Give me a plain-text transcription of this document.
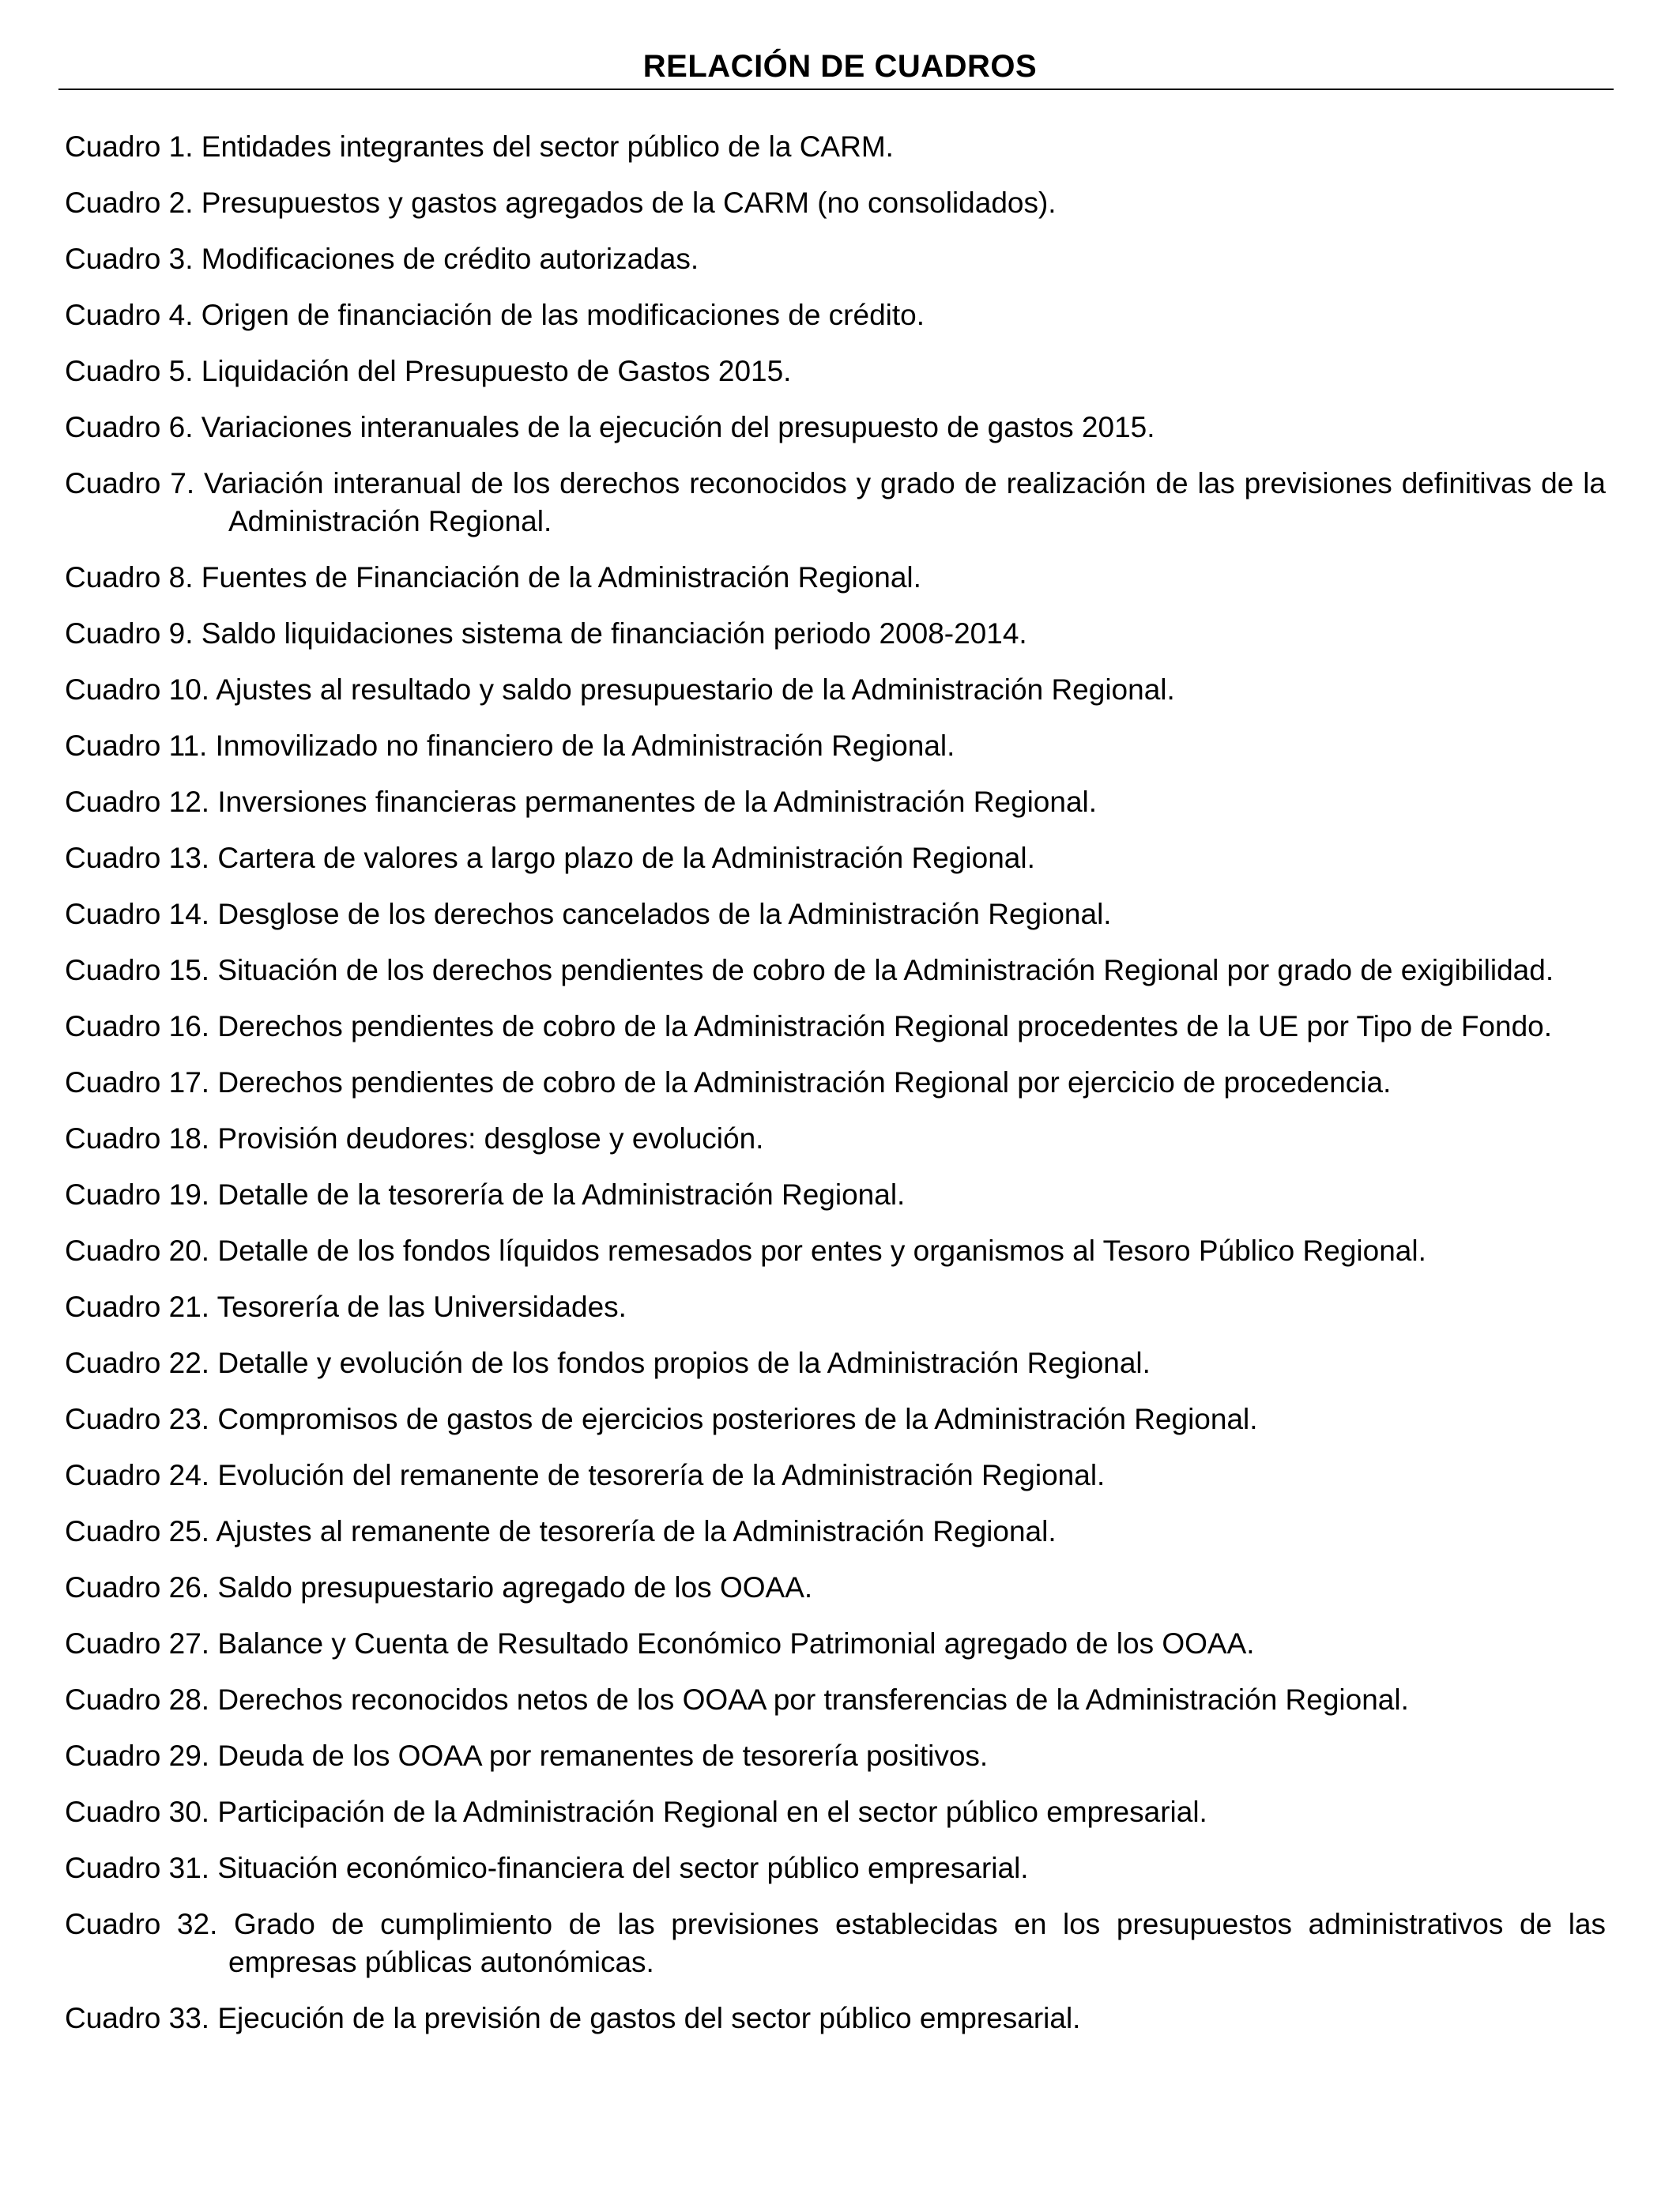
RELACIÓN DE CUADROS
Cuadro 1. Entidades integrantes del sector público de la CARM.
Cuadro 2. Presupuestos y gastos agregados de la CARM (no consolidados).
Cuadro 3. Modificaciones de crédito autorizadas.
Cuadro 4. Origen de financiación de las modificaciones de crédito.
Cuadro 5. Liquidación del Presupuesto de Gastos 2015.
Cuadro 6. Variaciones interanuales de la ejecución del presupuesto de gastos 2015.
Cuadro 7. Variación interanual de los derechos reconocidos y grado de realización de las previsiones definitivas de la Administración Regional.
Cuadro 8. Fuentes de Financiación de la Administración Regional.
Cuadro 9. Saldo liquidaciones sistema de financiación periodo 2008-2014.
Cuadro 10. Ajustes al resultado y saldo presupuestario de la Administración Regional.
Cuadro 11. Inmovilizado no financiero de la Administración Regional.
Cuadro 12. Inversiones financieras permanentes de la Administración Regional.
Cuadro 13. Cartera de valores a largo plazo de la Administración Regional.
Cuadro 14. Desglose de los derechos cancelados de la Administración Regional.
Cuadro 15. Situación de los derechos pendientes de cobro de la Administración Regional por grado de exigibilidad.
Cuadro 16. Derechos pendientes de cobro de la Administración Regional procedentes de la UE por Tipo de Fondo.
Cuadro 17. Derechos pendientes de cobro de la Administración Regional por ejercicio de procedencia.
Cuadro 18. Provisión deudores: desglose y evolución.
Cuadro 19. Detalle de la tesorería de la Administración Regional.
Cuadro 20. Detalle de los fondos líquidos remesados por entes y organismos al Tesoro Público Regional.
Cuadro 21. Tesorería de las Universidades.
Cuadro 22. Detalle y evolución de los fondos propios de la Administración Regional.
Cuadro 23. Compromisos de gastos de ejercicios posteriores de la Administración Regional.
Cuadro 24. Evolución del remanente de tesorería de la Administración Regional.
Cuadro 25. Ajustes al remanente de tesorería de la Administración Regional.
Cuadro 26. Saldo presupuestario agregado de los OOAA.
Cuadro 27. Balance y Cuenta de Resultado Económico Patrimonial agregado de los OOAA.
Cuadro 28. Derechos reconocidos netos de los OOAA por transferencias de la Administración Regional.
Cuadro 29. Deuda de los OOAA por remanentes de tesorería positivos.
Cuadro 30. Participación de la Administración Regional en el sector público empresarial.
Cuadro 31. Situación económico-financiera del sector público empresarial.
Cuadro 32. Grado de cumplimiento de las previsiones establecidas en los presupuestos administrativos de las empresas públicas autonómicas.
Cuadro 33. Ejecución de la previsión de gastos del sector público empresarial.
